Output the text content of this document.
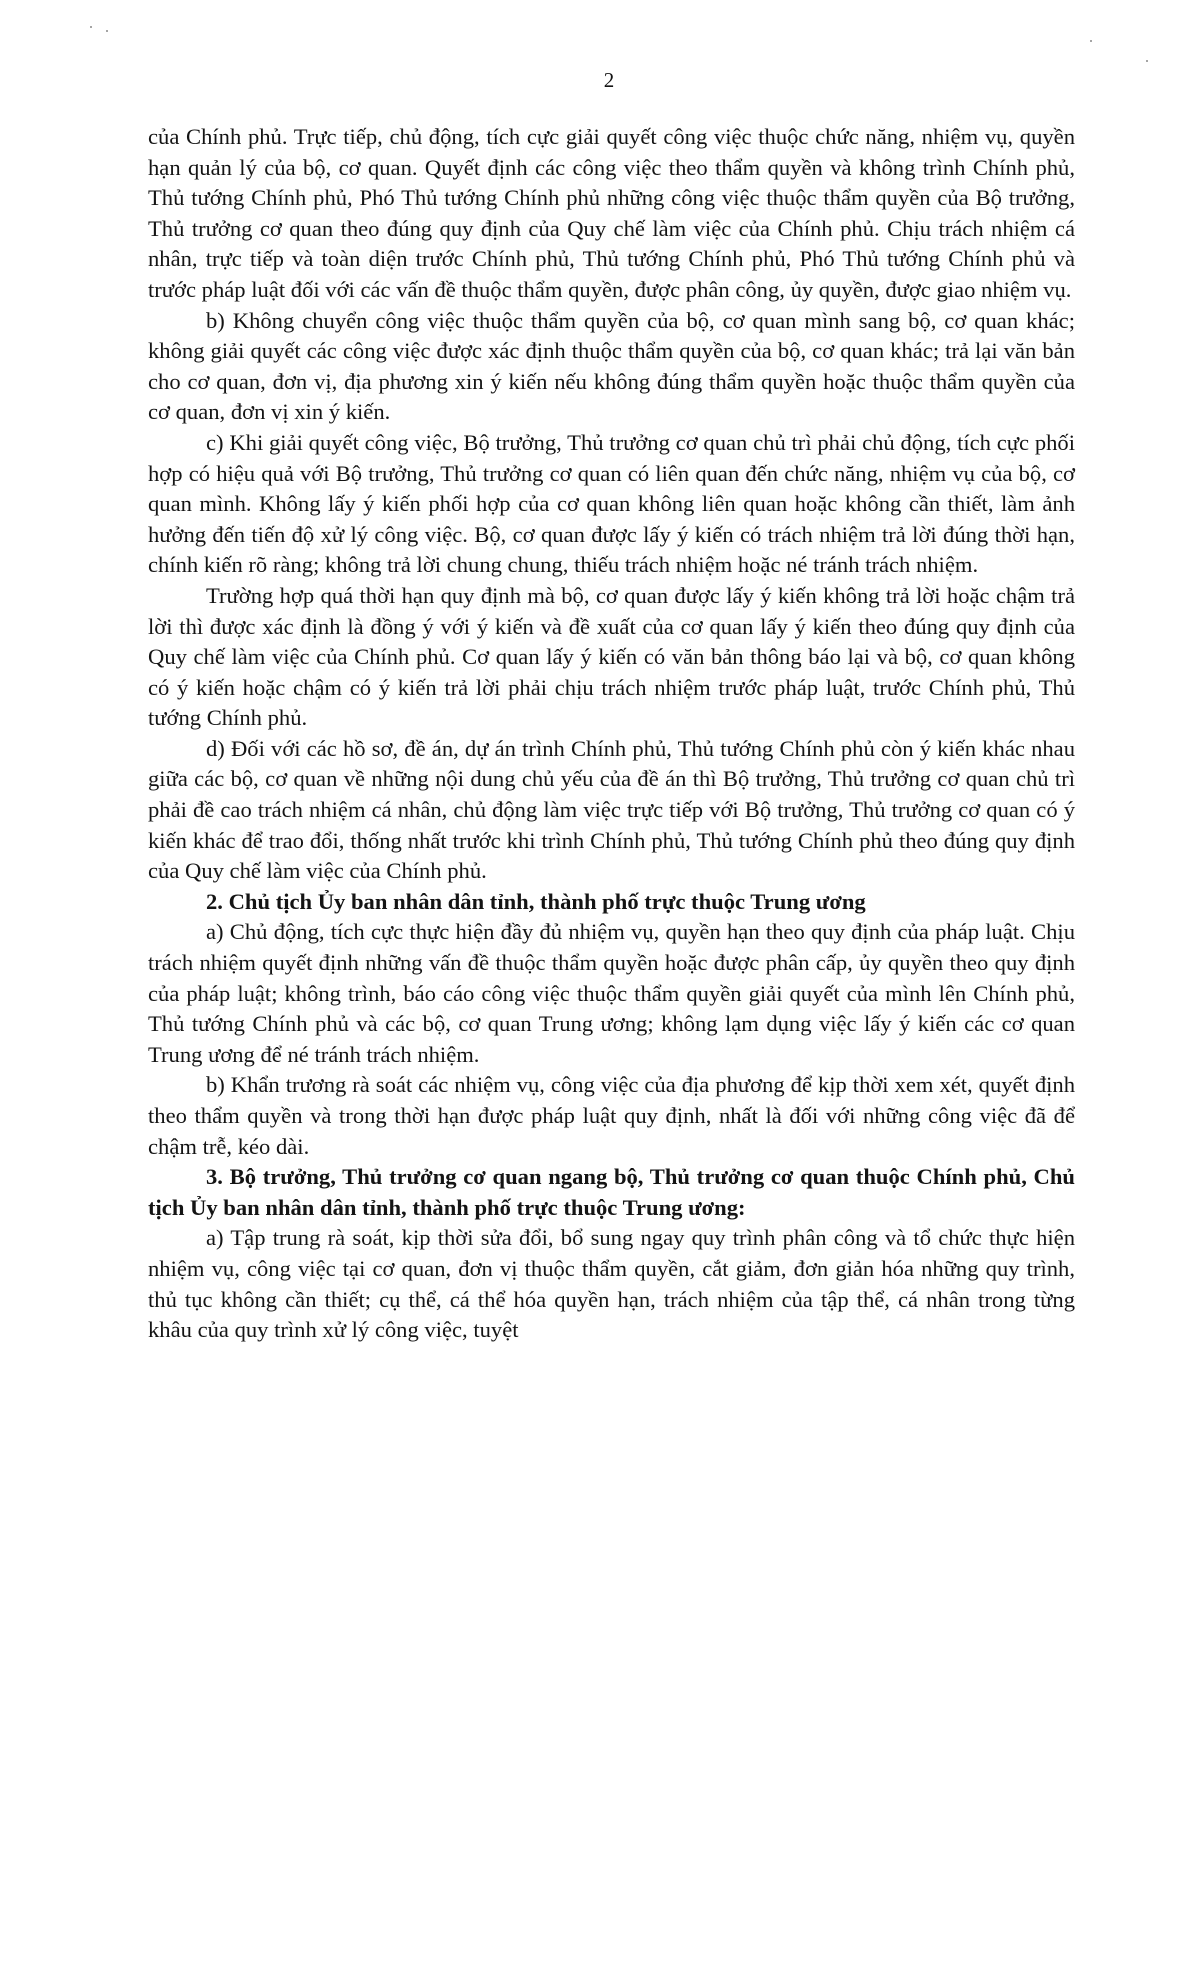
2

của Chính phủ. Trực tiếp, chủ động, tích cực giải quyết công việc thuộc chức năng, nhiệm vụ, quyền hạn quản lý của bộ, cơ quan. Quyết định các công việc theo thẩm quyền và không trình Chính phủ, Thủ tướng Chính phủ, Phó Thủ tướng Chính phủ những công việc thuộc thẩm quyền của Bộ trưởng, Thủ trưởng cơ quan theo đúng quy định của Quy chế làm việc của Chính phủ. Chịu trách nhiệm cá nhân, trực tiếp và toàn diện trước Chính phủ, Thủ tướng Chính phủ, Phó Thủ tướng Chính phủ và trước pháp luật đối với các vấn đề thuộc thẩm quyền, được phân công, ủy quyền, được giao nhiệm vụ.

b) Không chuyển công việc thuộc thẩm quyền của bộ, cơ quan mình sang bộ, cơ quan khác; không giải quyết các công việc được xác định thuộc thẩm quyền của bộ, cơ quan khác; trả lại văn bản cho cơ quan, đơn vị, địa phương xin ý kiến nếu không đúng thẩm quyền hoặc thuộc thẩm quyền của cơ quan, đơn vị xin ý kiến.

c) Khi giải quyết công việc, Bộ trưởng, Thủ trưởng cơ quan chủ trì phải chủ động, tích cực phối hợp có hiệu quả với Bộ trưởng, Thủ trưởng cơ quan có liên quan đến chức năng, nhiệm vụ của bộ, cơ quan mình. Không lấy ý kiến phối hợp của cơ quan không liên quan hoặc không cần thiết, làm ảnh hưởng đến tiến độ xử lý công việc. Bộ, cơ quan được lấy ý kiến có trách nhiệm trả lời đúng thời hạn, chính kiến rõ ràng; không trả lời chung chung, thiếu trách nhiệm hoặc né tránh trách nhiệm.

Trường hợp quá thời hạn quy định mà bộ, cơ quan được lấy ý kiến không trả lời hoặc chậm trả lời thì được xác định là đồng ý với ý kiến và đề xuất của cơ quan lấy ý kiến theo đúng quy định của Quy chế làm việc của Chính phủ. Cơ quan lấy ý kiến có văn bản thông báo lại và bộ, cơ quan không có ý kiến hoặc chậm có ý kiến trả lời phải chịu trách nhiệm trước pháp luật, trước Chính phủ, Thủ tướng Chính phủ.

d) Đối với các hồ sơ, đề án, dự án trình Chính phủ, Thủ tướng Chính phủ còn ý kiến khác nhau giữa các bộ, cơ quan về những nội dung chủ yếu của đề án thì Bộ trưởng, Thủ trưởng cơ quan chủ trì phải đề cao trách nhiệm cá nhân, chủ động làm việc trực tiếp với Bộ trưởng, Thủ trưởng cơ quan có ý kiến khác để trao đổi, thống nhất trước khi trình Chính phủ, Thủ tướng Chính phủ theo đúng quy định của Quy chế làm việc của Chính phủ.

2. Chủ tịch Ủy ban nhân dân tỉnh, thành phố trực thuộc Trung ương

a) Chủ động, tích cực thực hiện đầy đủ nhiệm vụ, quyền hạn theo quy định của pháp luật. Chịu trách nhiệm quyết định những vấn đề thuộc thẩm quyền hoặc được phân cấp, ủy quyền theo quy định của pháp luật; không trình, báo cáo công việc thuộc thẩm quyền giải quyết của mình lên Chính phủ, Thủ tướng Chính phủ và các bộ, cơ quan Trung ương; không lạm dụng việc lấy ý kiến các cơ quan Trung ương để né tránh trách nhiệm.

b) Khẩn trương rà soát các nhiệm vụ, công việc của địa phương để kịp thời xem xét, quyết định theo thẩm quyền và trong thời hạn được pháp luật quy định, nhất là đối với những công việc đã để chậm trễ, kéo dài.

3. Bộ trưởng, Thủ trưởng cơ quan ngang bộ, Thủ trưởng cơ quan thuộc Chính phủ, Chủ tịch Ủy ban nhân dân tỉnh, thành phố trực thuộc Trung ương:

a) Tập trung rà soát, kịp thời sửa đổi, bổ sung ngay quy trình phân công và tổ chức thực hiện nhiệm vụ, công việc tại cơ quan, đơn vị thuộc thẩm quyền, cắt giảm, đơn giản hóa những quy trình, thủ tục không cần thiết; cụ thể, cá thể hóa quyền hạn, trách nhiệm của tập thể, cá nhân trong từng khâu của quy trình xử lý công việc, tuyệt
